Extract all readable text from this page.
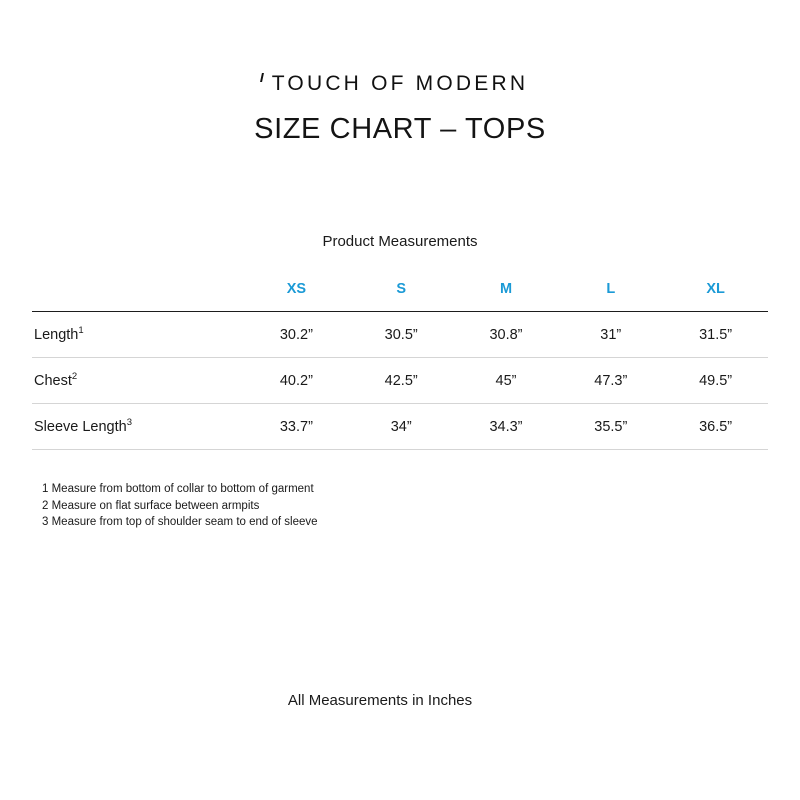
TOUCH OF MODERN
SIZE CHART – TOPS
Product Measurements
	XS	S	M	L	XL
Length$^1$	30.2”	30.5”	30.8”	31”	31.5”
Chest$^2$	40.2”	42.5”	45”	47.3”	49.5”
Sleeve Length$^3$	33.7”	34”	34.3”	35.5”	36.5”
1 Measure from bottom of collar to bottom of garment
2 Measure on flat surface between armpits
3 Measure from top of shoulder seam to end of sleeve
All Measurements in Inches
